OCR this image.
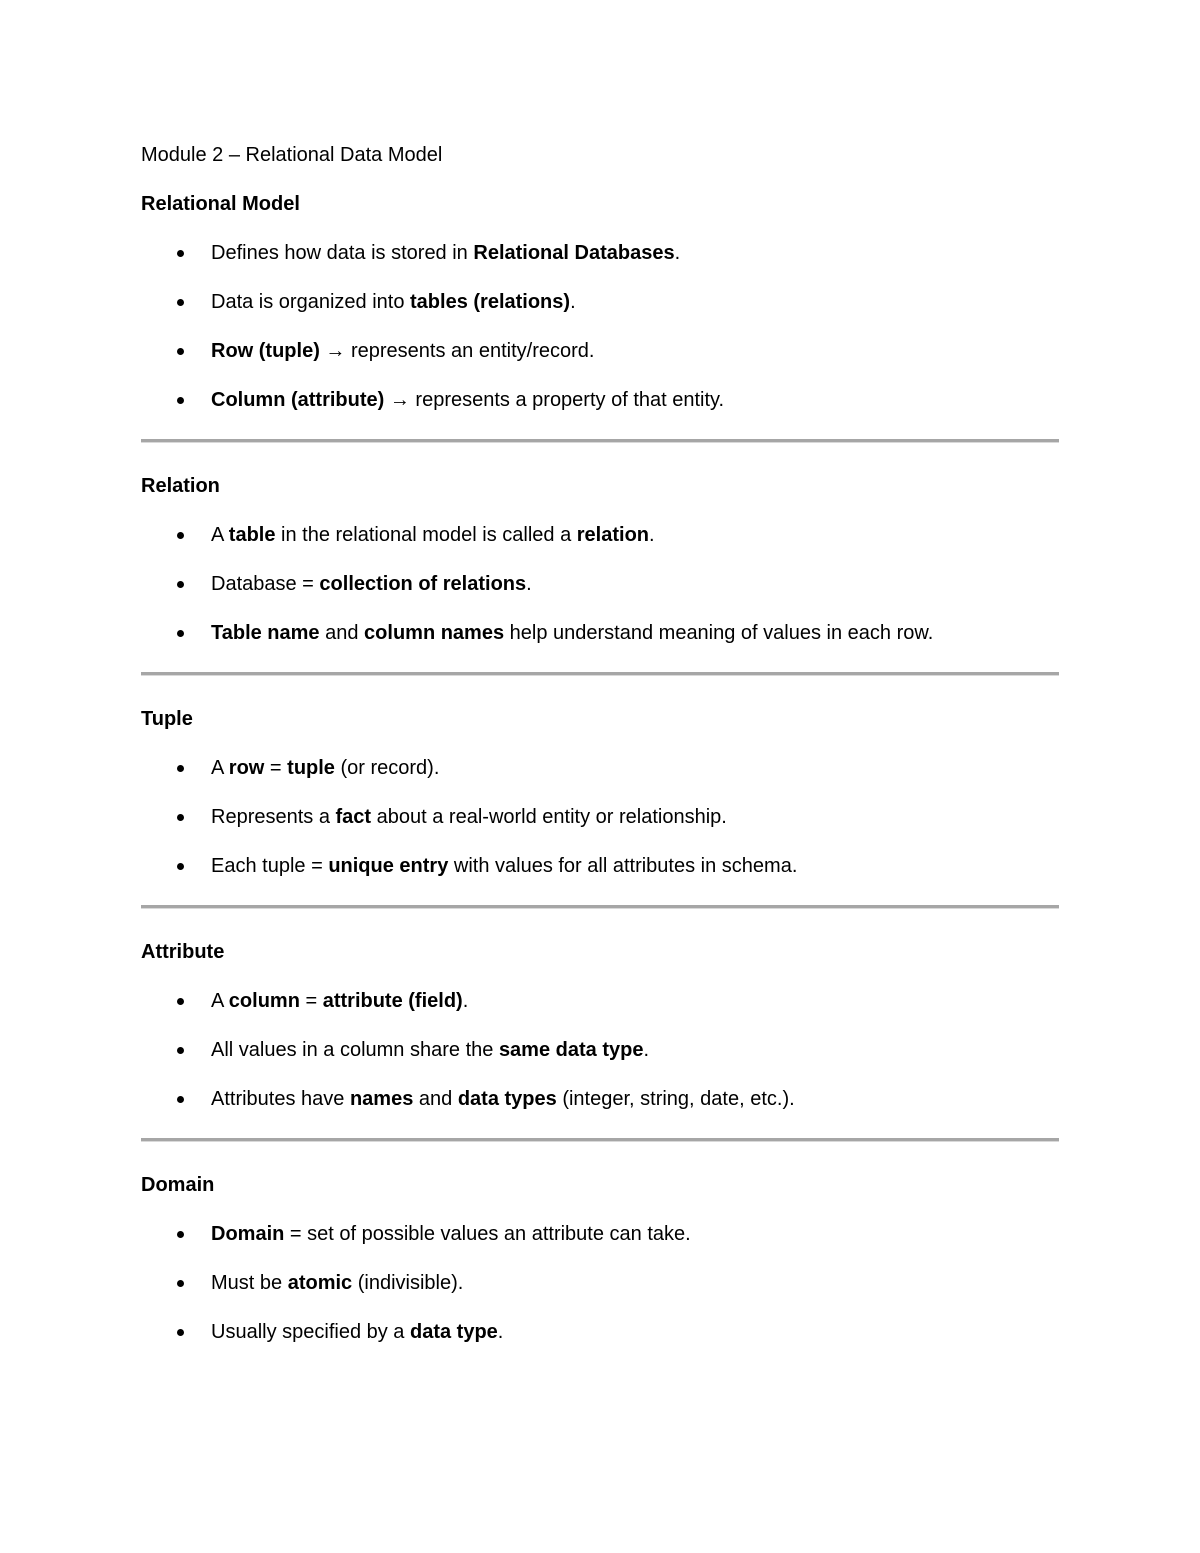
Module 2 – Relational Data Model
Relational Model
Defines how data is stored in Relational Databases.
Data is organized into tables (relations).
Row (tuple) → represents an entity/record.
Column (attribute) → represents a property of that entity.
Relation
A table in the relational model is called a relation.
Database = collection of relations.
Table name and column names help understand meaning of values in each row.
Tuple
A row = tuple (or record).
Represents a fact about a real-world entity or relationship.
Each tuple = unique entry with values for all attributes in schema.
Attribute
A column = attribute (field).
All values in a column share the same data type.
Attributes have names and data types (integer, string, date, etc.).
Domain
Domain = set of possible values an attribute can take.
Must be atomic (indivisible).
Usually specified by a data type.
